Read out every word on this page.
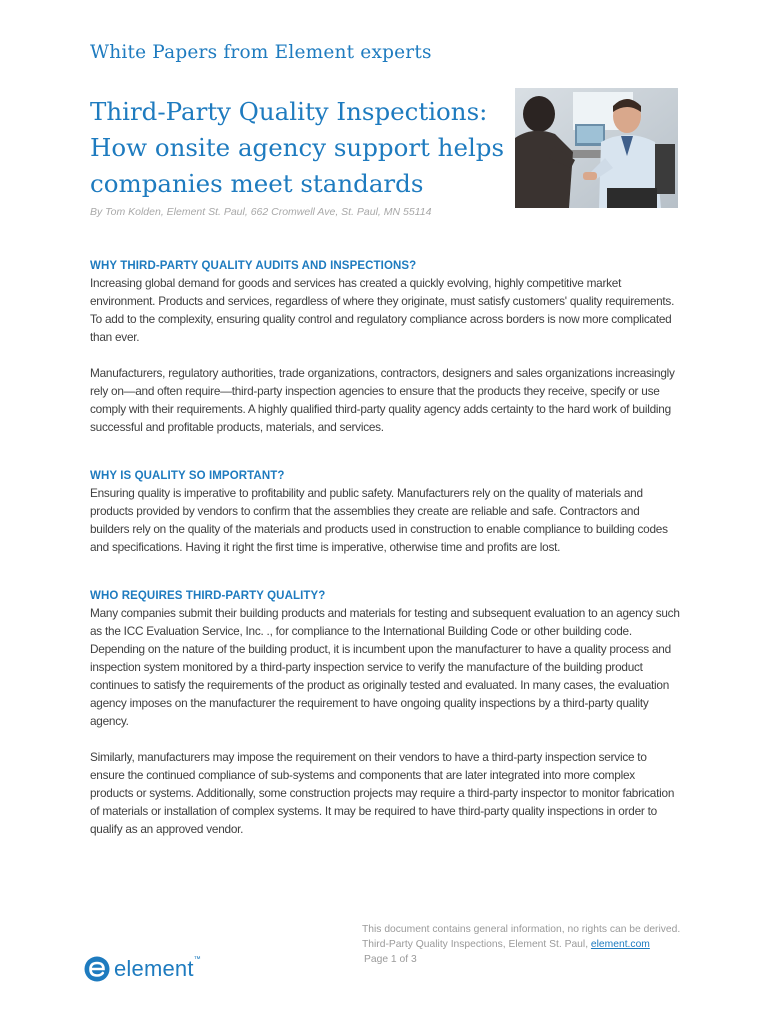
White Papers from Element experts
Third-Party Quality Inspections:
How onsite agency support helps
companies meet standards
By Tom Kolden, Element St. Paul, 662 Cromwell Ave, St. Paul, MN 55114
WHY THIRD-PARTY QUALITY AUDITS AND INSPECTIONS?

Increasing global demand for goods and services has created a quickly evolving, highly competitive market environment. Products and services, regardless of where they originate, must satisfy customers' quality requirements. To add to the complexity, ensuring quality control and regulatory compliance across borders is now more complicated than ever.

Manufacturers, regulatory authorities, trade organizations, contractors, designers and sales organizations increasingly rely on—and often require—third-party inspection agencies to ensure that the products they receive, specify or use comply with their requirements. A highly qualified third-party quality agency adds certainty to the hard work of building successful and profitable products, materials, and services.

WHY IS QUALITY SO IMPORTANT?

Ensuring quality is imperative to profitability and public safety. Manufacturers rely on the quality of materials and products provided by vendors to confirm that the assemblies they create are reliable and safe. Contractors and builders rely on the quality of the materials and products used in construction to enable compliance to building codes and specifications. Having it right the first time is imperative, otherwise time and profits are lost.

WHO REQUIRES THIRD-PARTY QUALITY?

Many companies submit their building products and materials for testing and subsequent evaluation to an agency such as the ICC Evaluation Service, Inc. ., for compliance to the International Building Code or other building code. Depending on the nature of the building product, it is incumbent upon the manufacturer to have a quality process and inspection system monitored by a third-party inspection service to verify the manufacture of the building product continues to satisfy the requirements of the product as originally tested and evaluated. In many cases, the evaluation agency imposes on the manufacturer the requirement to have ongoing quality inspections by a third-party quality agency.

Similarly, manufacturers may impose the requirement on their vendors to have a third-party inspection service to ensure the continued compliance of sub-systems and components that are later integrated into more complex products or systems. Additionally, some construction projects may require a third-party inspector to monitor fabrication of materials or installation of complex systems. It may be required to have third-party quality inspections in order to qualify as an approved vendor.

This document contains general information, no rights can be derived.
Third-Party Quality Inspections, Element St. Paul, element.com
Page 1 of 3
element™
